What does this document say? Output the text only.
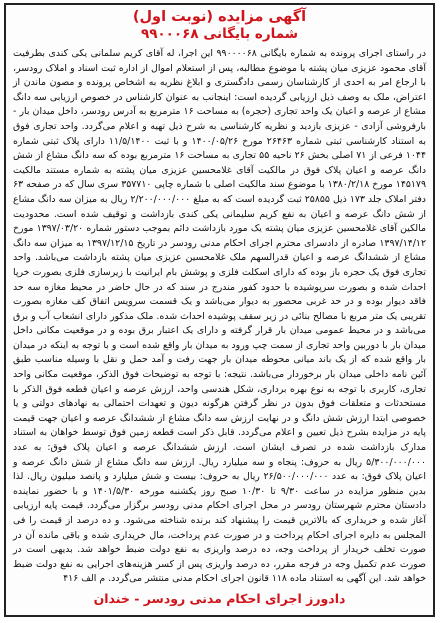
آگهی مزایده (نوبت اول)
شماره بایگانی ۹۹۰۰۰۶۸
در راستای اجرای پرونده به شماره بایگانی ۹۹۰۰۰۰۶۸ این اجرا، له آقای کریم سلمانی یکی کندی بطرفیت آقای محمود عزیزی میان پشته با موضوع مطالبه، پس از استعلام اموال از اداره ثبت اسناد و املاک رودسر، با ارجاع امر به احدی از کارشناسان رسمی دادگستری و ابلاغ نظریه به اشخاص پرونده و مصون ماندن از اعتراض، ملک به وصف ذیل ارزیابی گردیده است: اینجانب به عنوان کارشناس در خصوص ارزیابی سه دانگ مشاع از عرصه و اعیان یک واحد تجاری (حجره) به مساحت ۱۶ مترمربع به آدرس رودسر، داخل میدان بار - بارفروشی آزادی - عزیزی بازدید و نظریه کارشناسی به شرح ذیل تهیه و اعلام می‌گردد. واحد تجاری فوق به استناد کارشناسی ثبتی شماره ۲۶۴۶۳ مورخ ۱۴۰۰/۰۵/۲۶ و با ثبت ۱۱/۵/۱۴۰۰ دارای پلاک ثبتی شماره ۱۰۴۴ فرعی از ۷۱ اصلی بخش ۲۶ ناحیه ۵۵ تجاری به مساحت ۱۶ مترمربع بوده که سه دانگ مشاع از شش دانگ عرصه و اعیان پلاک فوق در مالکیت آقای غلامحسین عزیزی میان پشته به شماره مستند مالکیت ۱۴۵۱۷۹ مورخ ۱۳۸۰/۲/۱۸ با موضوع سند مالکیت اصلی با شماره چاپی ۳۵۷۷۱۰ سری سال که در صفحه ۶۳ دفتر املاک جلد ۱۷۳ ذیل ۲۵۸۵۵ ثبت گردیده است که به مبلغ ۲/۲۰۰/۰۰۰/۰۰۰ ریال به میزان سه دانگ مشاع از شش دانگ عرصه و اعیان به نفع کریم سلیمانی یکی کندی بازداشت و توقیف شده است. محدودیت مالکین آقای غلامحسین عزیزی میان پشته یک مورد بازداشت دائم بموجب دستور شماره ۱۳۹۷/۰۳/۲۰ مورخ ۱۳۹۷/۱۴/۱۲ صادره از دادسرای محترم اجرای احکام مدنی رودسر در تاریخ ۱۳۹۷/۱۲/۱۵ به میزان سه دانگ مشاع از ششدانگ عرصه و اعیان قدرالسهم ملک غلامحسین عزیزی میان پشته بازداشت می‌باشد. واحد تجاری فوق یک حجره باز بوده که دارای اسکلت فلزی و پوشش بام ایرانیت با زیرسازی فلزی بصورت خرپا احداث شده و بصورت سرپوشیده با حدود کفور مندرج در سند که در حال حاضر در محیط مغازه سه حد فاقد دیوار بوده و در حد غربی محصور به دیوار می‌باشد و یک قسمت سرویس اتفاق کف مغازه بصورت تقریبی یک متر مربع با مصالح بنائی در زیر سقف پوشیده احداث شده. ملک مذکور دارای انشعاب آب و برق می‌باشد و در محیط عمومی میدان بار قرار گرفته و دارای یک اعتبار برق بوده و در موقعیت مکانی داخل میدان بار با دوربین واحد تجاری از سمت چپ ورود به میدان بار واقع شده است و با توجه به اینکه در میدان بار واقع شده که از یک باند میانی محوطه میدان بار جهت رفت و آمد حمل و نقل با وسیله مناسب طبق آئین نامه داخلی میدان بار برخوردار می‌باشد. نتیجه: با توجه به توضیحات فوق الذکر، موقعیت مکانی واحد تجاری، کاربری با توجه به نوع بهره برداری، شکل هندسی واحد، ارزش عرصه و اعیان قطعه فوق الذکر با مستحدثات و متعلقات فوق بدون در نظر گرفتن هرگونه دیون و تعهدات احتمالی به نهادهای دولتی و یا خصوصی ابتدا ارزش شش دانگ و در نهایت ارزش سه دانگ مشاع از ششدانگ عرصه و اعیان جهت قیمت پایه در مزایده بشرح ذیل تعیین و اعلام می‌گردد. قابل ذکر است قطعه زمین فوق توسط خواهان به استناد مدارک بازداشت شده در تصرف ایشان است. ارزش ششدانگ عرصه و اعیان پلاک فوق: به عدد ۵/۳۰۰/۰۰۰/۰۰۰ ریال به حروف: پنجاه و سه میلیارد ریال. ارزش سه دانگ مشاع از شش دانگ عرصه و اعیان پلاک فوق: به عدد ۲۶/۵۰۰/۰۰۰/۰۰۰ ریال به حروف: بیست و شش میلیارد و پانصد میلیون ریال. لذا بدین منظور مزایده در ساعت ۹/۳۰ تا ۱۰/۳۰ صبح روز یکشنبه مورخه ۱۴۰۱/۵/۳۰ و با حضور نماینده دادستان محترم شهرستان رودسر در محل اجرای احکام مدنی رودسر برگزار می‌گردد. قیمت پایه ارزیابی آغاز شده و خریداری که بالاترین قیمت را پیشنهاد کند برنده شناخته می‌شود. و ده درصد از قیمت را فی المجلس به دایره اجرای احکام پرداخت و در صورت عدم پرداخت، مال خریداری شده و باقی مانده آن در صورت تخلف خریدار از پرداخت وجه، ده درصد واریزی به نفع دولت ضبط خواهد شد. بدیهی است در صورت عدم تکمیل وجه در فرجه مقرر، ده درصد واریزی پس از کسر هزینه‌های اجرایی به نفع دولت ضبط خواهد شد. این آگهی به استناد ماده ۱۱۸ قانون اجرای احکام مدنی منتشر می‌گردد. م الف ۴۱۶
دادورز اجرای احکام مدنی رودسر - خندان
